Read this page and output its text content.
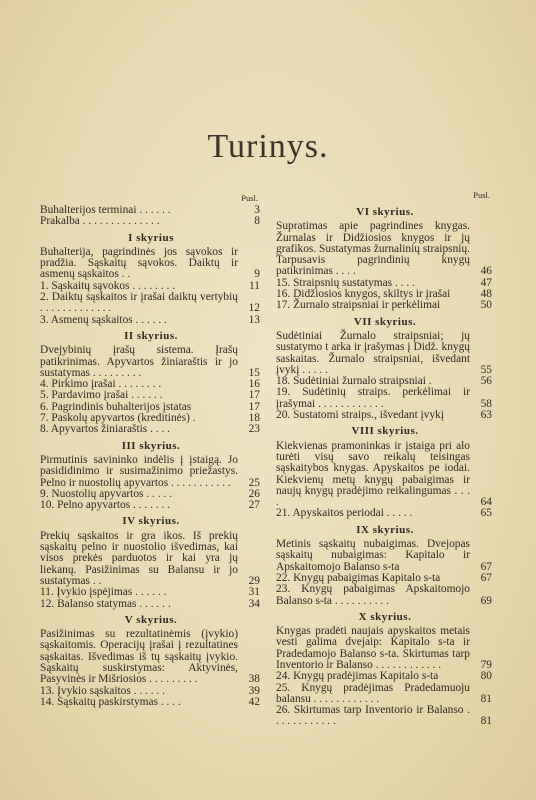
Turinys.
Pusl.
Buhalterijos terminai . . . . . .	3
Prakalba . . . . . . . . . . . . . .	8
I skyrius
Buhalterija, pagrindinės jos sąvokos ir pradžia. Sąskaitų sąvokos. Daiktų ir asmenų sąskaitos . .	9
1. Sąskaitų sąvokos . . . . . . . .	11
2. Daiktų sąskaitos ir įrašai daiktų vertybių . . . . . . . . . . . . .	12
3. Asmenų sąskaitos . . . . . .	13
II skyrius.
Dvejybinių įrašų sistema. Įrašų patikrinimas. Apyvartos žiniaraštis ir jo sustatymas . . . . . . . . .	15
4. Pirkimo įrašai . . . . . . . .	16
5. Pardavimo įrašai . . . . . .	17
6. Pagrindinis buhalterijos įstatas	17
7. Paskolų apyvartos (kreditinės) .	18
8. Apyvartos žiniaraštis . . . .	23
III skyrius.
Pirmutinis savininko indėlis į įstaigą. Jo pasididinimo ir susimažinimo priežastys. Pelno ir nuostolių apyvartos . . . . . . . . . . .	25
9. Nuostolių apyvartos . . . . .	26
10. Pelno apyvartos . . . . . . .	27
IV skyrius.
Prekių sąskaitos ir gra ikos. Iš prekių sąskaitų pelno ir nuostolio išvedimas, kai visos prekės parduotos ir kai yra jų liekanų. Pasižinimas su Balansu ir jo sustatymas . .	29
11. Įvykio įspėjimas . . . . . .	31
12. Balanso statymas . . . . . .	34
V skyrius.
Pasižinimas su rezultatinėmis (įvykio) sąskaitomis. Operacijų įrašai į rezultatines sąskaitas. Išvedimas iš tų sąskaitų įvykio. Sąskaitų suskirstymas: Aktyvinės, Pasyvinės ir Mišriosios . . . . . . . . .	38
13. Įvykio sąskaitos . . . . . .	39
14. Sąskaitų paskirstymas . . . .	42
Pusl.
VI skyrius.
Supratimas apie pagrindines knygas. Žurnalas ir Didžiosios knygos ir jų grafikos. Sustatymas žurnalinių straipsnių. Tarpusavis pagrindinių knygų patikrinimas . . . .	46
15. Straipsnių sustatymas . . . .	47
16. Didžiosios knygos, skiltys ir įrašai	48
17. Žurnalo straipsniai ir perkėlimai	50
VII skyrius.
Sudėtiniai Žurnalo straipsniai; jų sustatymo t arka ir įrašymas į Didž. knygų saskaitas. Žurnalo straipsniai, išvedant įvykį . . . . .	55
18. Sudėtiniai žurnalo straipsniai .	56
19. Sudėtinių straips. perkėlimai ir įrašymai . . . . . . . . . . . .	58
20. Sustatomi straips., išvedant įvykį	63
VIII skyrius.
Kiekvienas pramoninkas ir įstaiga pri alo turėti visų savo reikalų teisingas sąskaitybos knygas. Apyskaitos pe iodai. Kiekvienų metų knygų pabaigimas ir naujų knygų pradėjimo reikalingumas . . . .	64
21. Apyskaitos periodai . . . . .	65
IX skyrius.
Metinis sąskaitų nubaigimas. Dvejopas sąskaitų nubaigimas: Kapitalo ir Apskaitomojo Balanso s-ta	67
22. Knygų pabaigimas Kapitalo s-ta	67
23. Knygų pabaigimas Apskaitomojo Balanso s-ta . . . . . . . . . .	69
X skyrius.
Knygas pradėti naujais apyskaitos metais vesti galima dvejaip: Kapitalo s-ta ir Pradedamojo Balanso s-ta. Skirtumas tarp Inventorio ir Balanso . . . . . . . . . . . .	79
24. Knygų pradėjimas Kapitalo s-ta	80
25. Knygų pradėjimas Pradedamuoju balansu . . . . . . . . . . . .	81
26. Skirtumas tarp Inventorio ir Balanso . . . . . . . . . . . .	81
